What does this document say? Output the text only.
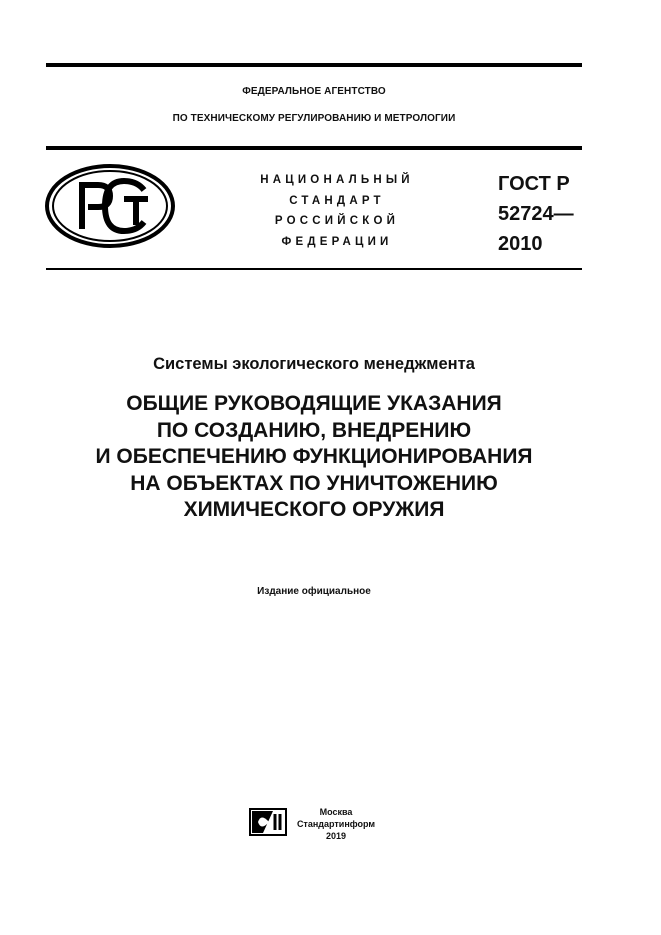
ФЕДЕРАЛЬНОЕ АГЕНТСТВО
ПО ТЕХНИЧЕСКОМУ РЕГУЛИРОВАНИЮ И МЕТРОЛОГИИ
НАЦИОНАЛЬНЫЙ
СТАНДАРТ
РОССИЙСКОЙ
ФЕДЕРАЦИИ
ГОСТ Р
52724—
2010
Системы экологического менеджмента
ОБЩИЕ РУКОВОДЯЩИЕ УКАЗАНИЯ
ПО СОЗДАНИЮ, ВНЕДРЕНИЮ
И ОБЕСПЕЧЕНИЮ ФУНКЦИОНИРОВАНИЯ
НА ОБЪЕКТАХ ПО УНИЧТОЖЕНИЮ
ХИМИЧЕСКОГО ОРУЖИЯ
Издание официальное
Москва
Стандартинформ
2019
